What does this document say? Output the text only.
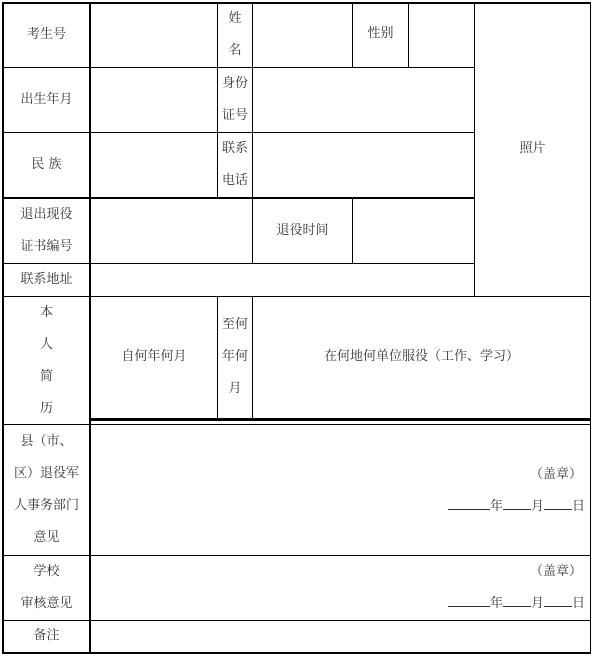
考生号
姓
名
性别
照片
出生年月
身份
证号
民 族
联系
电话
退出现役
证书编号
退役时间
联系地址
本
人
简
历
自何年何月
至何
年何
月
在何地何单位服役（工作、学习）
县（市、
区）退役军
人事务部门
意见
（盖章）
年 月 日
学校
审核意见
（盖章）
年 月 日
备注
